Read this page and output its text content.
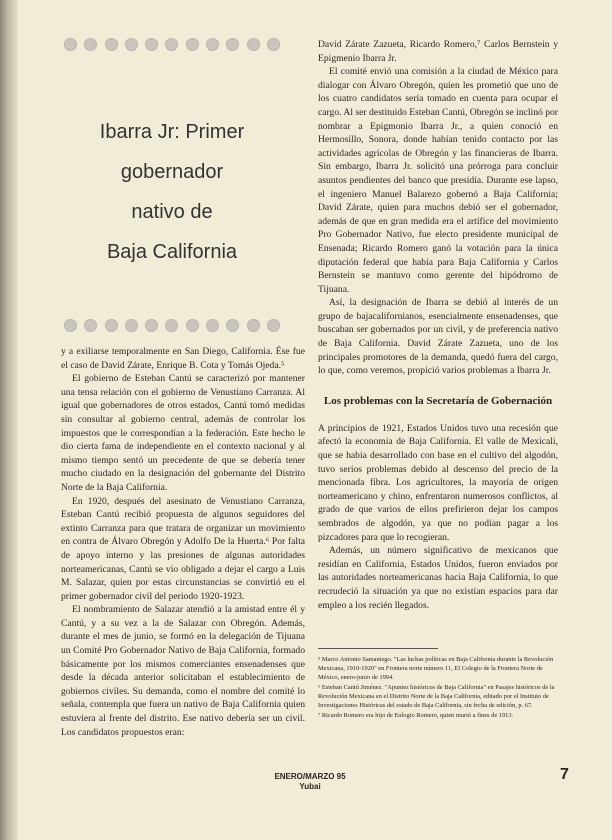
Ibarra Jr: Primer
gobernador
nativo de
Baja California

y a exiliarse temporalmente en San Diego, California. Ése fue el caso de David Zárate, Enrique B. Cota y Tomás Ojeda.⁵

El gobierno de Esteban Cantú se caracterizó por mantener una tensa relación con el gobierno de Venustiano Carranza. Al igual que gobernadores de otros estados, Cantú tomó medidas sin consultar al gobierno central, además de controlar los impuestos que le correspondían a la federación. Este hecho le dio cierta fama de independiente en el contexto nacional y al mismo tiempo sentó un precedente de que se debería tener mucho ciudado en la designación del gobernante del Distrito Norte de la Baja California.

En 1920, después del asesinato de Venustiano Carranza, Esteban Cantú recibió propuesta de algunos seguidores del extinto Carranza para que tratara de organizar un movimiento en contra de Álvaro Obregón y Adolfo De la Huerta.⁶ Por falta de apoyo interno y las presiones de algunas autoridades norteamericanas, Cantú se vio obligado a dejar el cargo a Luis M. Salazar, quien por estas circunstancias se convirtió en el primer gobernador civil del periodo 1920-1923.

El nombramiento de Salazar atendió a la amistad entre él y Cantú, y a su vez a la de Salazar con Obregón. Además, durante el mes de junio, se formó en la delegación de Tijuana un Comité Pro Gobernador Nativo de Baja California, formado básicamente por los mismos comerciantes ensenadenses que desde la década anterior solicitaban el establecimiento de gobiernos civiles. Su demanda, como el nombre del comité lo señala, contempla que fuera un nativo de Baja California quien estuviera al frente del distrito. Ese nativo debería ser un civil. Los candidatos propuestos eran:

David Zárate Zazueta, Ricardo Romero,⁷ Carlos Bernstein y Epigmenio Ibarra Jr.

El comité envió una comisión a la ciudad de México para dialogar con Álvaro Obregón, quien les prometió que uno de los cuatro candidatos sería tomado en cuenta para ocupar el cargo. Al ser destituido Esteban Cantú, Obregón se inclinó por nombrar a Epigmonio Ibarra Jr., a quien conoció en Hermosillo, Sonora, donde habían tenido contacto por las actividades agrícolas de Obregón y las financieras de Ibarra. Sin embargo, Ibarra Jr. solicitó una prórroga para concluir asuntos pendientes del banco que presidía. Durante ese lapso, el ingeniero Manuel Balarezo gobernó a Baja California; David Zárate, quien para muchos debió ser el gobernador, además de que en gran medida era el artífice del movimiento Pro Gobernador Nativo, fue electo presidente municipal de Ensenada; Ricardo Romero ganó la votación para la única diputación federal que había para Baja California y Carlos Bernstein se mantuvo como gerente del hipódromo de Tijuana.

Así, la designación de Ibarra se debió al interés de un grupo de bajacalifornianos, esencialmente ensenadenses, que buscaban ser gobernados por un civil, y de preferencia nativo de Baja California. David Zárate Zazueta, uno de los principales promotores de la demanda, quedó fuera del cargo, lo que, como veremos, propició varios problemas a Ibarra Jr.

Los problemas con la Secretaría de Gobernación

A principios de 1921, Estados Unidos tuvo una recesión que afectó la economía de Baja California. El valle de Mexicali, que se había desarrollado con base en el cultivo del algodón, tuvo serios problemas debido al descenso del precio de la mencionada fibra. Los agricultores, la mayoría de origen norteamericano y chino, enfrentaron numerosos conflictos, al grado de que varios de ellos prefirieron dejar los campos sembrados de algodón, ya que no podían pagar a los pizcadores para que lo recogieran.

Además, un número significativo de mexicanos que residían en California, Estados Unidos, fueron enviados por las autoridades norteamericanas hacia Baja California, lo que recrudeció la situación ya que no existían espacios para dar empleo a los recién llegados.

⁵ Marco Antonio Samaniego. "Las luchas políticas en Baja California durante la Revolución Mexicana, 1910-1920" en Frontera norte número 11, El Colegio de la Frontera Norte de México, enero-junio de 1994.

⁶ Esteban Cantú Jiménez. "Apuntes históricos de Baja California" en Pasajes históricos de la Revolución Mexicana en el Distrito Norte de la Baja California, editado por el Instituto de Investigaciones Históricas del estado de Baja California, sin fecha de edición, p. 67.

⁷ Ricardo Romero era hijo de Eulogio Romero, quien murió a fines de 1913.

ENERO/MARZO 95
Yubai
7
